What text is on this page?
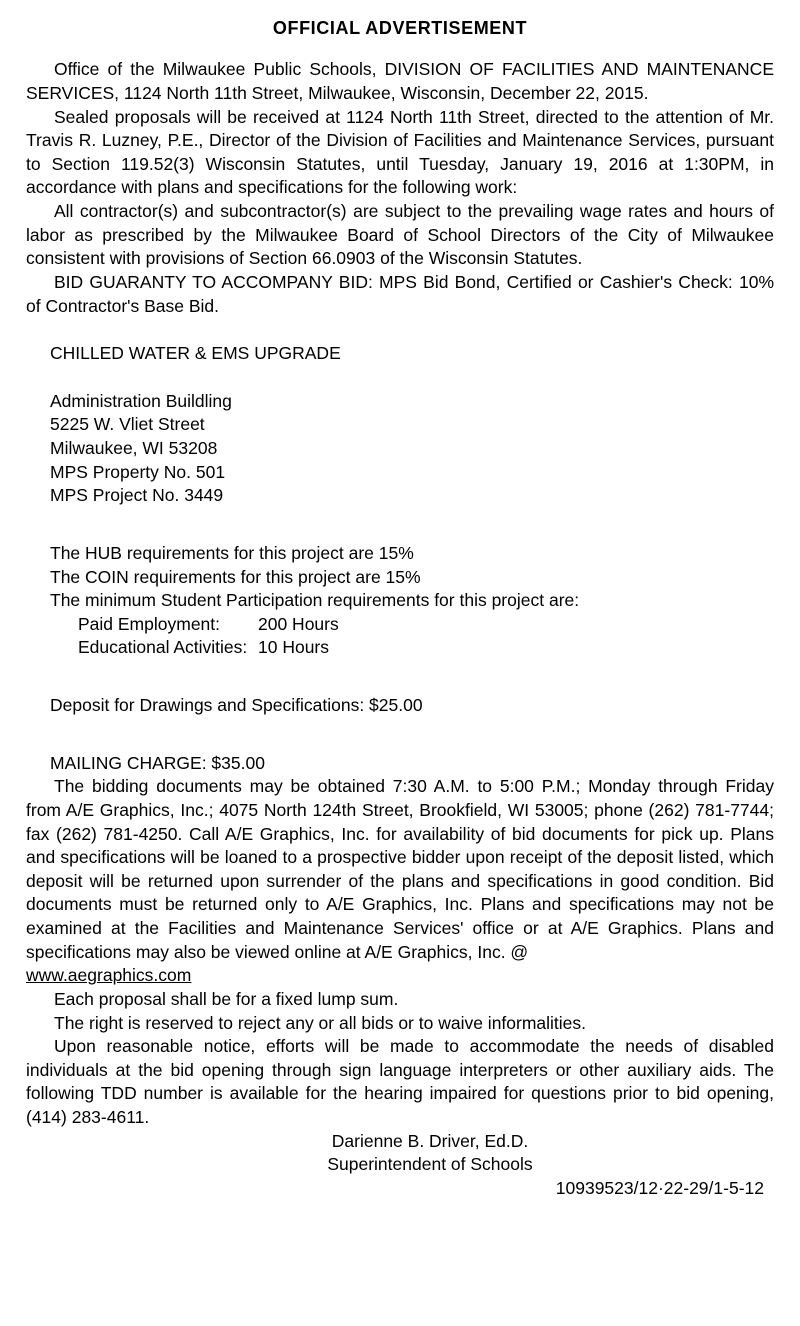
OFFICIAL ADVERTISEMENT

Office of the Milwaukee Public Schools, DIVISION OF FACILITIES AND MAINTENANCE SERVICES, 1124 North 11th Street, Milwaukee, Wisconsin, December 22, 2015.

Sealed proposals will be received at 1124 North 11th Street, directed to the attention of Mr. Travis R. Luzney, P.E., Director of the Division of Facilities and Maintenance Services, pursuant to Section 119.52(3) Wisconsin Statutes, until Tuesday, January 19, 2016 at 1:30PM, in accordance with plans and specifications for the following work:

All contractor(s) and subcontractor(s) are subject to the prevailing wage rates and hours of labor as prescribed by the Milwaukee Board of School Directors of the City of Milwaukee consistent with provisions of Section 66.0903 of the Wisconsin Statutes.

BID GUARANTY TO ACCOMPANY BID: MPS Bid Bond, Certified or Cashier's Check: 10% of Contractor's Base Bid.

CHILLED WATER & EMS UPGRADE

Administration Buildling

5225 W. Vliet Street

Milwaukee, WI 53208

MPS Property No. 501

MPS Project No. 3449

The HUB requirements for this project are 15%

The COIN requirements for this project are 15%

The minimum Student Participation requirements for this project are:

Paid Employment:	200 Hours
Educational Activities: 10 Hours

Deposit for Drawings and Specifications: $25.00

MAILING CHARGE: $35.00

The bidding documents may be obtained 7:30 A.M. to 5:00 P.M.; Monday through Friday from A/E Graphics, Inc.; 4075 North 124th Street, Brookfield, WI 53005; phone (262) 781-7744; fax (262) 781-4250. Call A/E Graphics, Inc. for availability of bid documents for pick up. Plans and specifications will be loaned to a prospective bidder upon receipt of the deposit listed, which deposit will be returned upon surrender of the plans and specifications in good condition. Bid documents must be returned only to A/E Graphics, Inc. Plans and specifications may not be examined at the Facilities and Maintenance Services' office or at A/E Graphics. Plans and specifications may also be viewed online at A/E Graphics, Inc. @

www.aegraphics.com

Each proposal shall be for a fixed lump sum.

The right is reserved to reject any or all bids or to waive informalities.

Upon reasonable notice, efforts will be made to accommodate the needs of disabled individuals at the bid opening through sign language interpreters or other auxiliary aids. The following TDD number is available for the hearing impaired for questions prior to bid opening, (414) 283-4611.

Darienne B. Driver, Ed.D.

Superintendent of Schools

10939523/12·22-29/1-5-12
